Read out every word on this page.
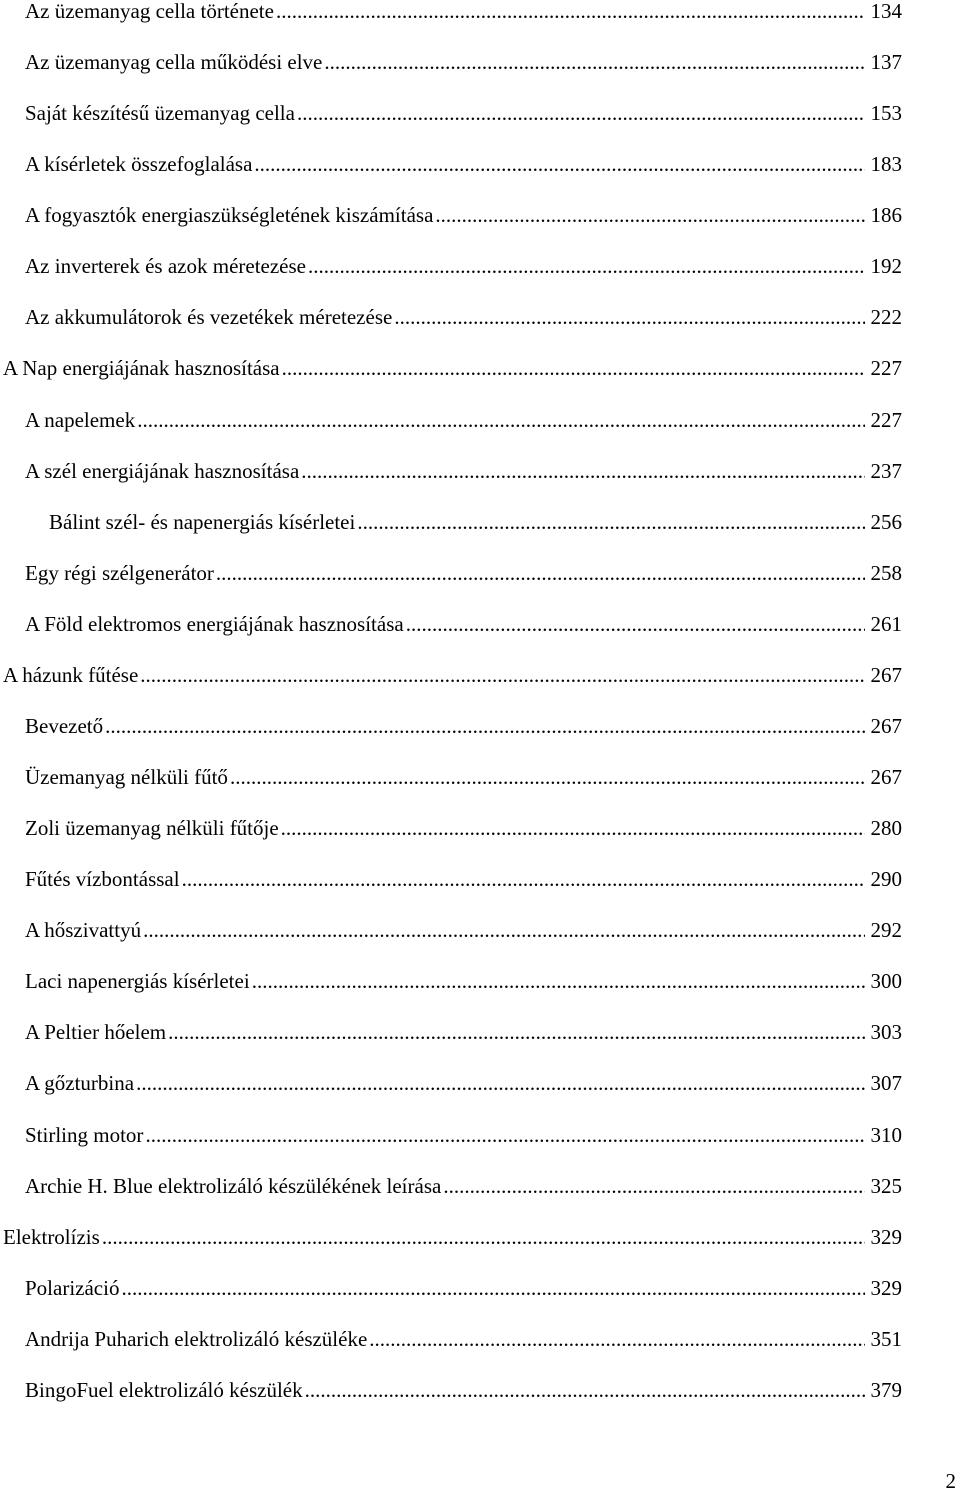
Az üzemanyag cella története .....	134
Az üzemanyag cella működési elve .....	137
Saját készítésű üzemanyag cella .....	153
A kísérletek összefoglalása .....	183
A fogyasztók energiaszükségletének kiszámítása .....	186
Az inverterek és azok méretezése .....	192
Az akkumulátorok és vezetékek méretezése .....	222
A Nap energiájának hasznosítása .....	227
A napelemek .....	227
A szél energiájának hasznosítása .....	237
Bálint szél- és napenergiás kísérletei .....	256
Egy régi szélgenerátor .....	258
A Föld elektromos energiájának hasznosítása .....	261
A házunk fűtése .....	267
Bevezető .....	267
Üzemanyag nélküli fűtő .....	267
Zoli üzemanyag nélküli fűtője .....	280
Fűtés vízbontással .....	290
A hőszivattyú .....	292
Laci napenergiás kísérletei .....	300
A Peltier hőelem .....	303
A gőzturbina .....	307
Stirling motor .....	310
Archie H. Blue elektrolizáló készülékének leírása .....	325
Elektrolízis .....	329
Polarizáció .....	329
Andrija Puharich elektrolizáló készüléke .....	351
BingoFuel elektrolizáló készülék .....	379
2
